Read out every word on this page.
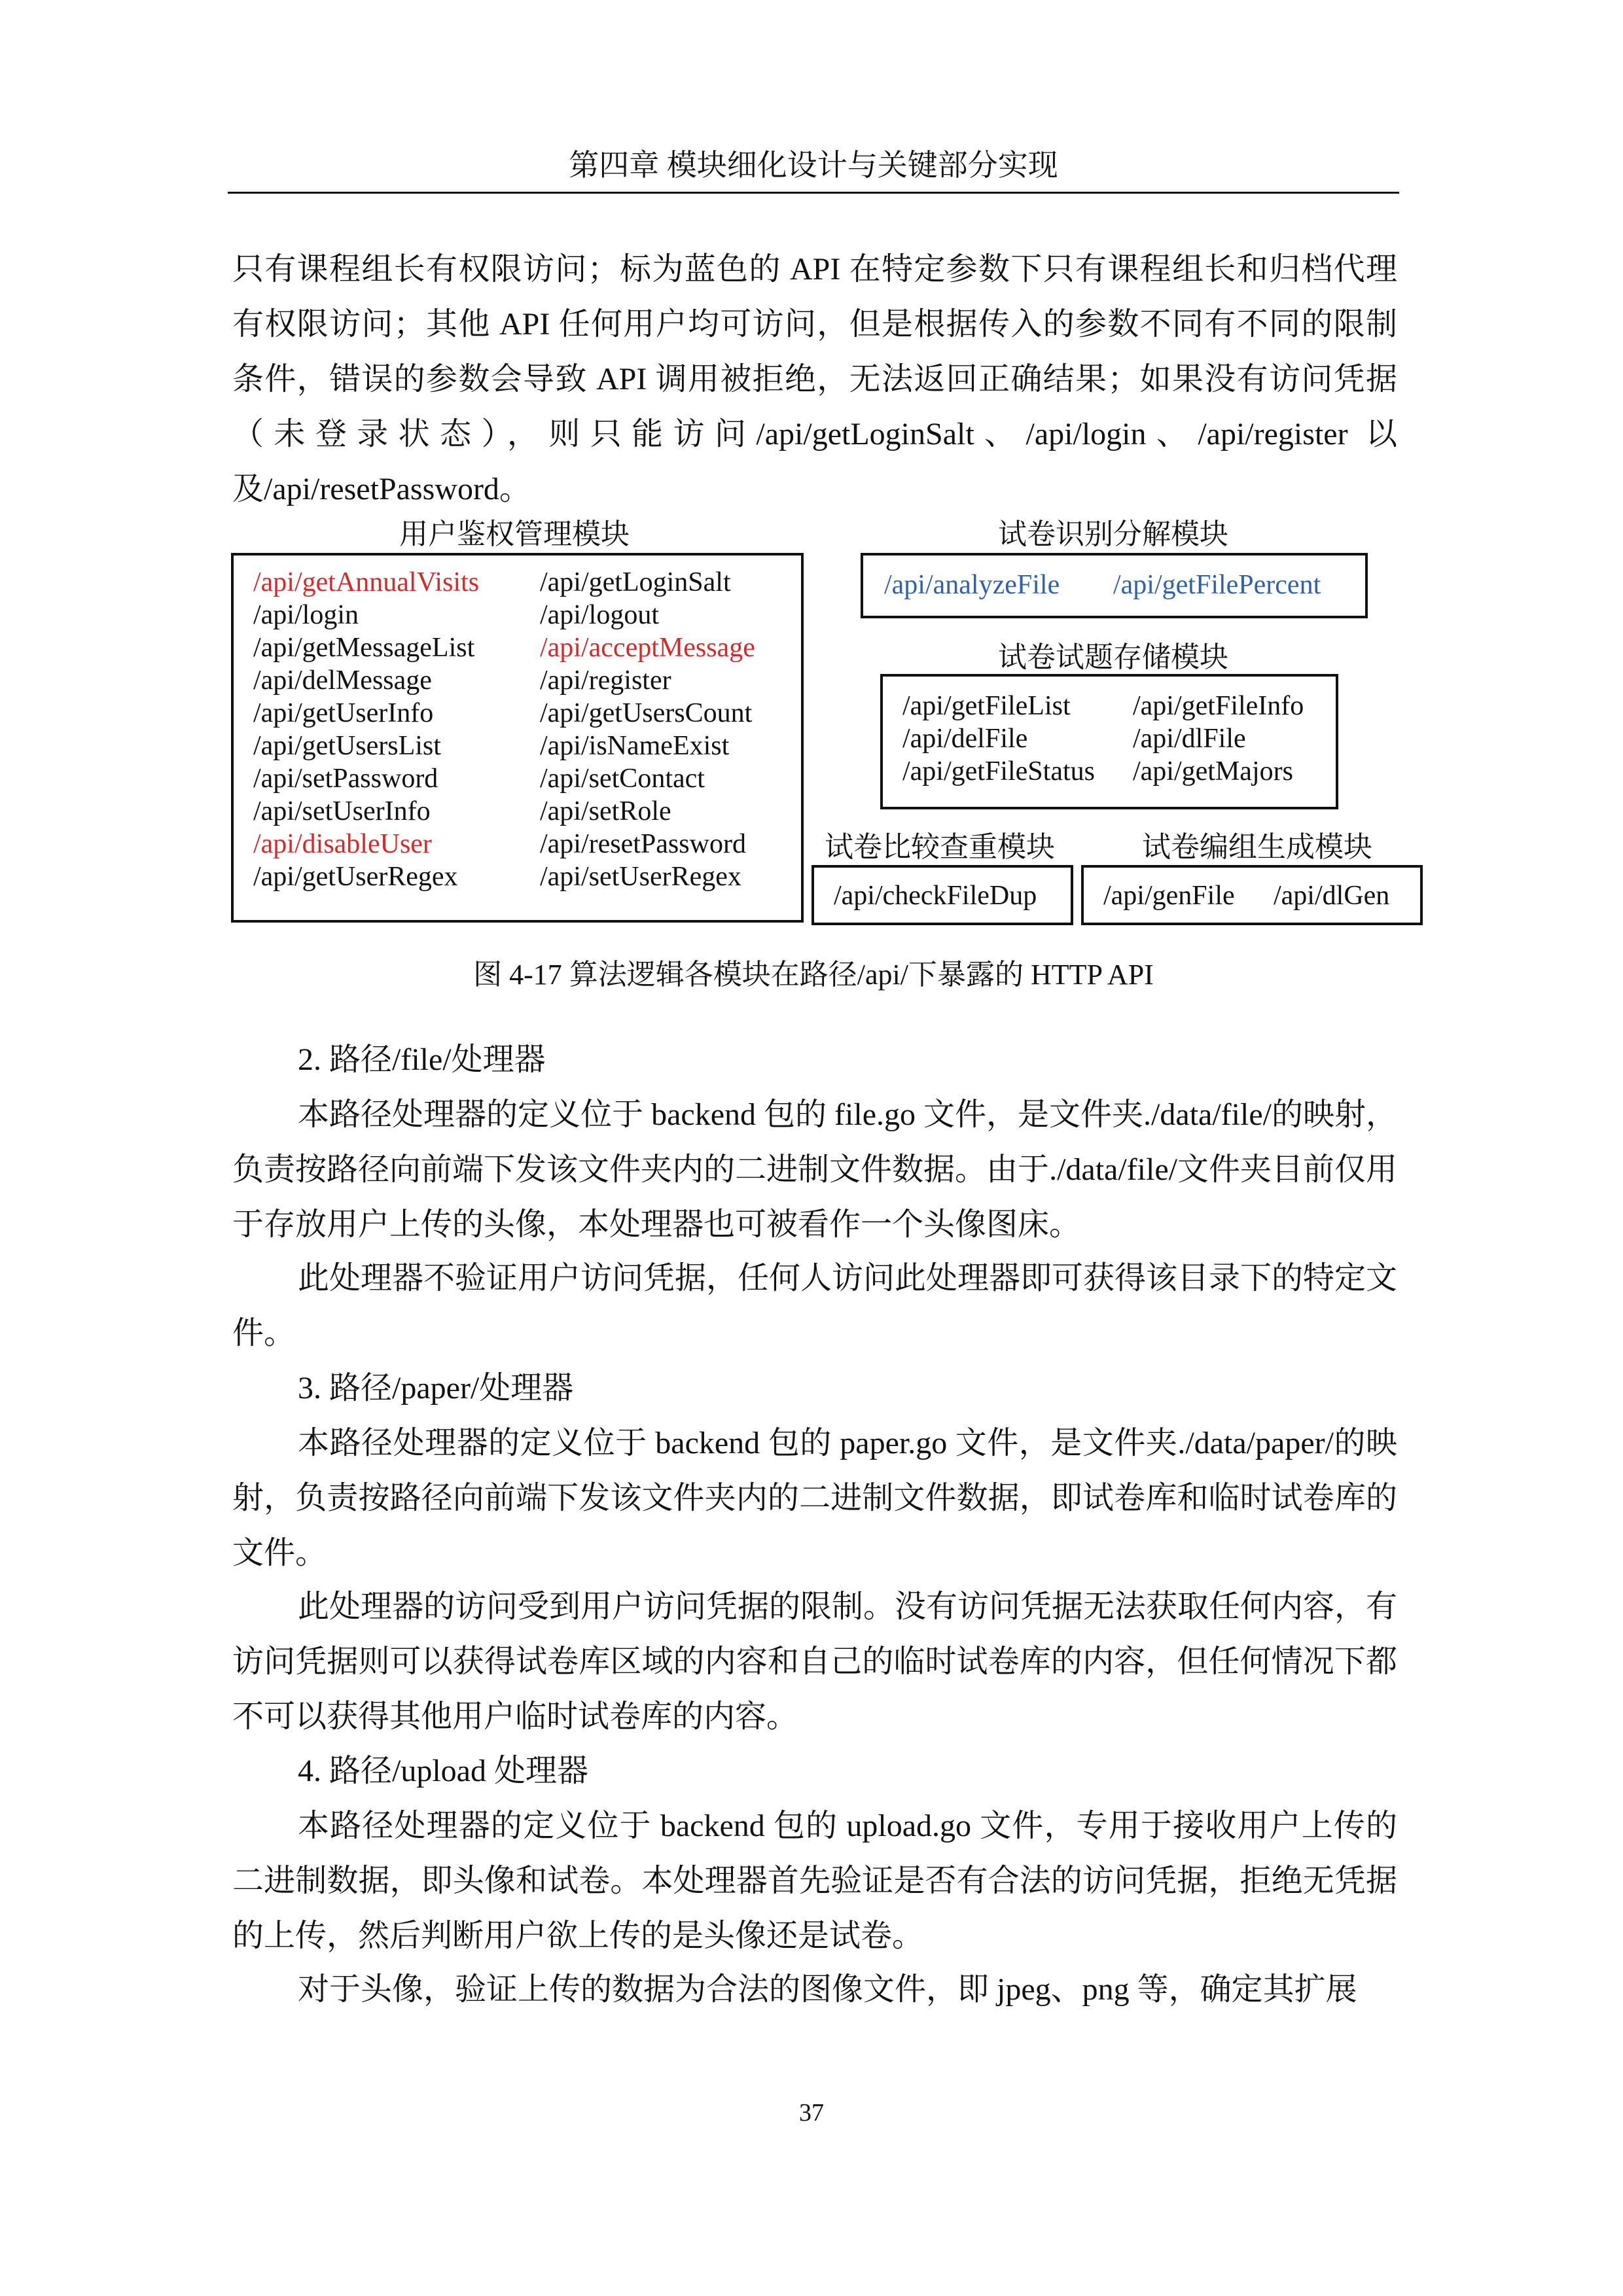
第四章 模块细化设计与关键部分实现

只有课程组长有权限访问；标为蓝色的 API 在特定参数下只有课程组长和归档代理有权限访问；其他 API 任何用户均可访问，但是根据传入的参数不同有不同的限制条件，错误的参数会导致 API 调用被拒绝，无法返回正确结果；如果没有访问凭据（未登录状态），则只能访问/api/getLoginSalt、/api/login、/api/register 以及/api/resetPassword。

用户鉴权管理模块
/api/getAnnualVisits
/api/login
/api/getMessageList
/api/delMessage
/api/getUserInfo
/api/getUsersList
/api/setPassword
/api/setUserInfo
/api/disableUser
/api/getUserRegex
/api/getLoginSalt
/api/logout
/api/acceptMessage
/api/register
/api/getUsersCount
/api/isNameExist
/api/setContact
/api/setRole
/api/resetPassword
/api/setUserRegex
试卷识别分解模块
/api/analyzeFile /api/getFilePercent
试卷试题存储模块
/api/getFileList
/api/delFile
/api/getFileStatus
/api/getFileInfo
/api/dlFile
/api/getMajors
试卷比较查重模块
/api/checkFileDup
试卷编组生成模块
/api/genFile /api/dlGen
图 4-17 算法逻辑各模块在路径/api/下暴露的 HTTP API

2. 路径/file/处理器

本路径处理器的定义位于 backend 包的 file.go 文件，是文件夹./data/file/的映射，负责按路径向前端下发该文件夹内的二进制文件数据。由于./data/file/文件夹目前仅用于存放用户上传的头像，本处理器也可被看作一个头像图床。

此处理器不验证用户访问凭据，任何人访问此处理器即可获得该目录下的特定文件。

3. 路径/paper/处理器

本路径处理器的定义位于 backend 包的 paper.go 文件，是文件夹./data/paper/的映射，负责按路径向前端下发该文件夹内的二进制文件数据，即试卷库和临时试卷库的文件。

此处理器的访问受到用户访问凭据的限制。没有访问凭据无法获取任何内容，有访问凭据则可以获得试卷库区域的内容和自己的临时试卷库的内容，但任何情况下都不可以获得其他用户临时试卷库的内容。

4. 路径/upload 处理器

本路径处理器的定义位于 backend 包的 upload.go 文件，专用于接收用户上传的二进制数据，即头像和试卷。本处理器首先验证是否有合法的访问凭据，拒绝无凭据的上传，然后判断用户欲上传的是头像还是试卷。

对于头像，验证上传的数据为合法的图像文件，即 jpeg、png 等，确定其扩展

37
